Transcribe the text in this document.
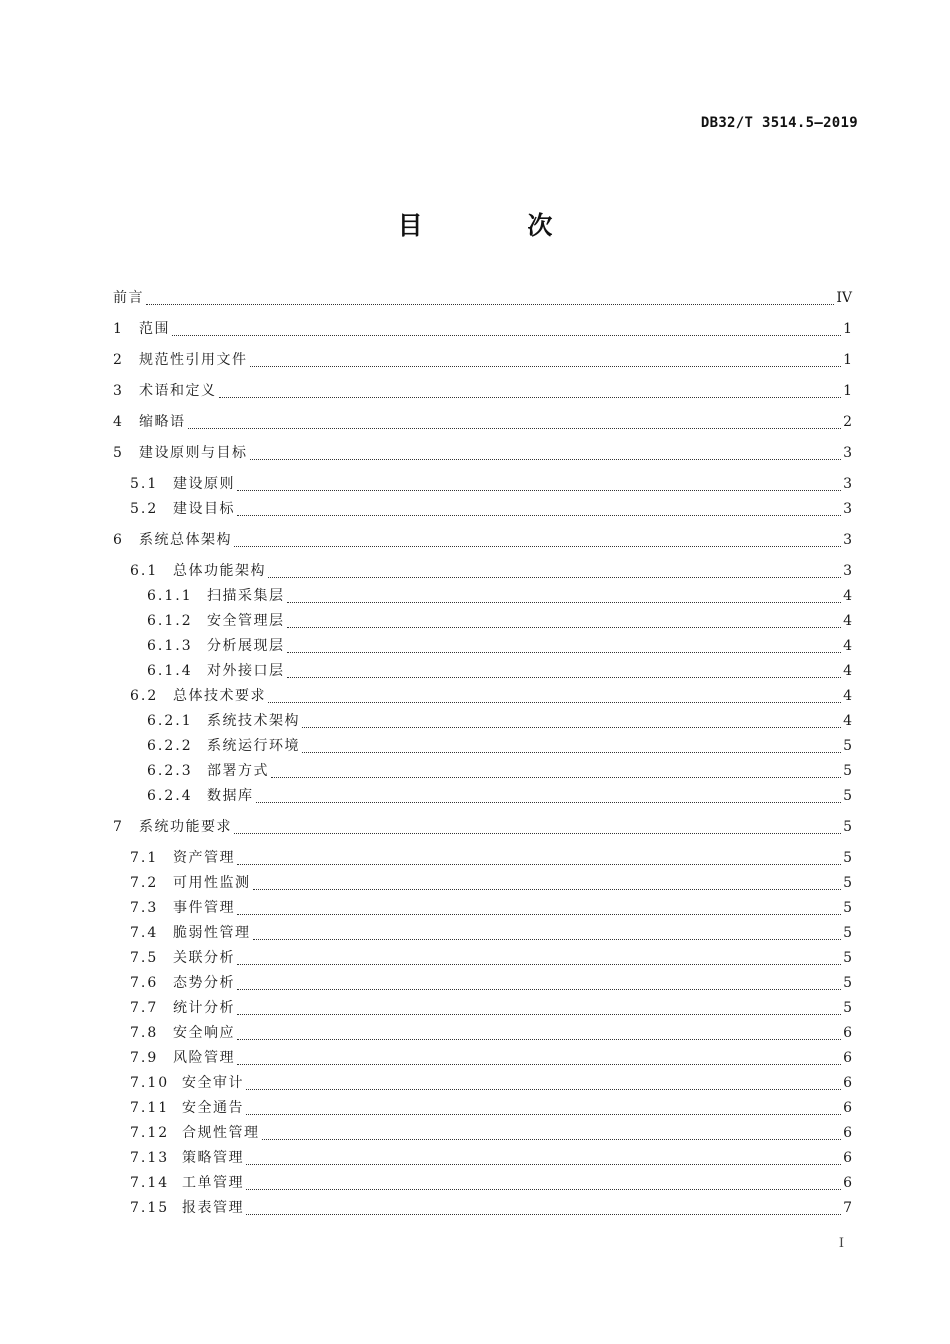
DB32/T 3514.5—2019
目 次
前言	IV
1	范围	1
2	规范性引用文件	1
3	术语和定义	1
4	缩略语	2
5	建设原则与目标	3
5.1	建设原则	3
5.2	建设目标	3
6	系统总体架构	3
6.1	总体功能架构	3
6.1.1	扫描采集层	4
6.1.2	安全管理层	4
6.1.3	分析展现层	4
6.1.4	对外接口层	4
6.2	总体技术要求	4
6.2.1	系统技术架构	4
6.2.2	系统运行环境	5
6.2.3	部署方式	5
6.2.4	数据库	5
7	系统功能要求	5
7.1	资产管理	5
7.2	可用性监测	5
7.3	事件管理	5
7.4	脆弱性管理	5
7.5	关联分析	5
7.6	态势分析	5
7.7	统计分析	5
7.8	安全响应	6
7.9	风险管理	6
7.10 安全审计	6
7.11 安全通告	6
7.12 合规性管理	6
7.13 策略管理	6
7.14 工单管理	6
7.15 报表管理	7
I
